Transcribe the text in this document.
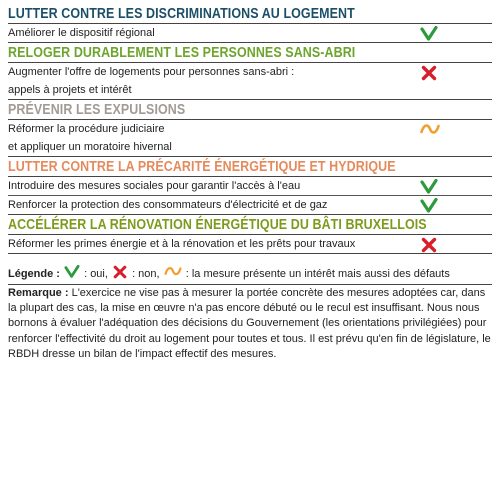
LUTTER CONTRE LES DISCRIMINATIONS AU LOGEMENT
Améliorer le dispositif régional
RELOGER DURABLEMENT LES PERSONNES SANS-ABRI
Augmenter l'offre de logements pour personnes sans-abri :
appels à projets et intérêt
PRÉVENIR LES EXPULSIONS
Réformer la procédure judiciaire
et appliquer un moratoire hivernal
LUTTER CONTRE LA PRÉCARITÉ ÉNERGÉTIQUE ET HYDRIQUE
Introduire des mesures sociales pour garantir l'accès à l'eau
Renforcer la protection des consommateurs d'électricité et de gaz
ACCÉLÉRER LA RÉNOVATION ÉNERGÉTIQUE DU BÂTI BRUXELLOIS
Réformer les primes énergie et à la rénovation et les prêts pour travaux
Légende : : oui, : non, : la mesure présente un intérêt mais aussi des défauts
Remarque : L'exercice ne vise pas à mesurer la portée concrète des mesures adoptées car, dans la plupart des cas, la mise en œuvre n'a pas encore débuté ou le recul est insuffisant. Nous nous bornons à évaluer l'adéquation des décisions du Gouvernement (les orientations privilégiées) pour renforcer l'effectivité du droit au logement pour toutes et tous. Il est prévu qu'en fin de législature, le RBDH dresse un bilan de l'impact effectif des mesures.
